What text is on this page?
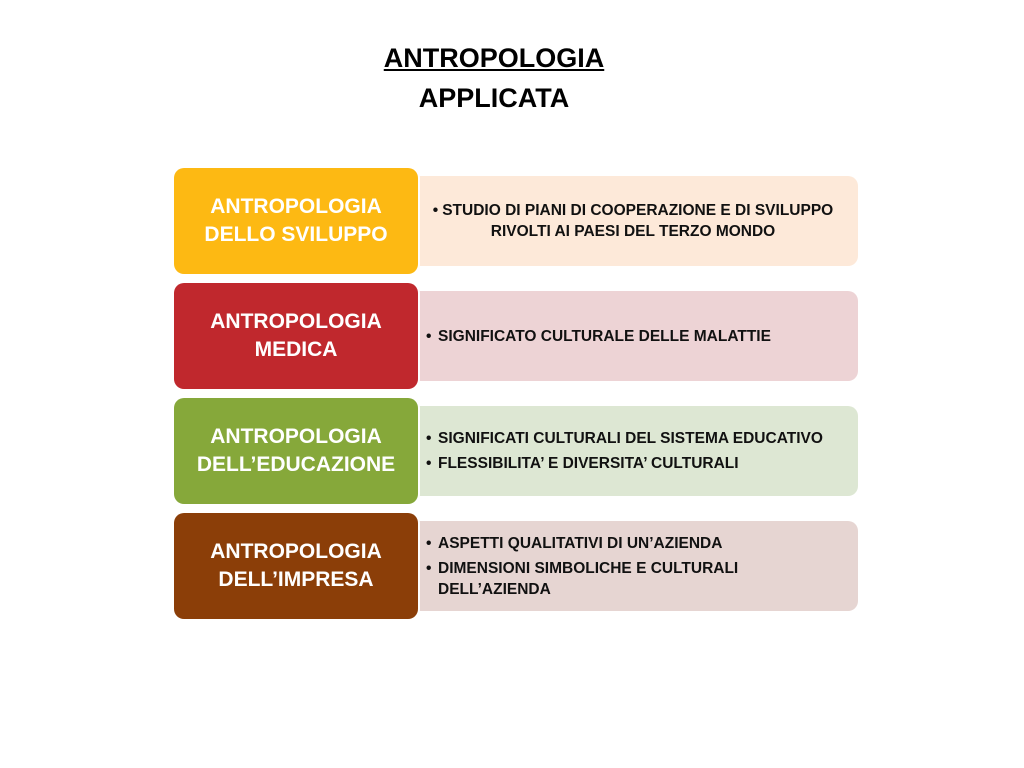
ANTROPOLOGIA
APPLICATA
• STUDIO DI PIANI DI COOPERAZIONE E DI SVILUPPO RIVOLTI AI PAESI DEL TERZO MONDO
ANTROPOLOGIA DELLO SVILUPPO
• SIGNIFICATO CULTURALE DELLE MALATTIE
ANTROPOLOGIA MEDICA
• SIGNIFICATI CULTURALI DEL SISTEMA EDUCATIVO
• FLESSIBILITA’ E DIVERSITA’ CULTURALI
ANTROPOLOGIA DELL’EDUCAZIONE
• ASPETTI QUALITATIVI DI UN’AZIENDA
• DIMENSIONI SIMBOLICHE E CULTURALI DELL’AZIENDA
ANTROPOLOGIA DELL’IMPRESA
